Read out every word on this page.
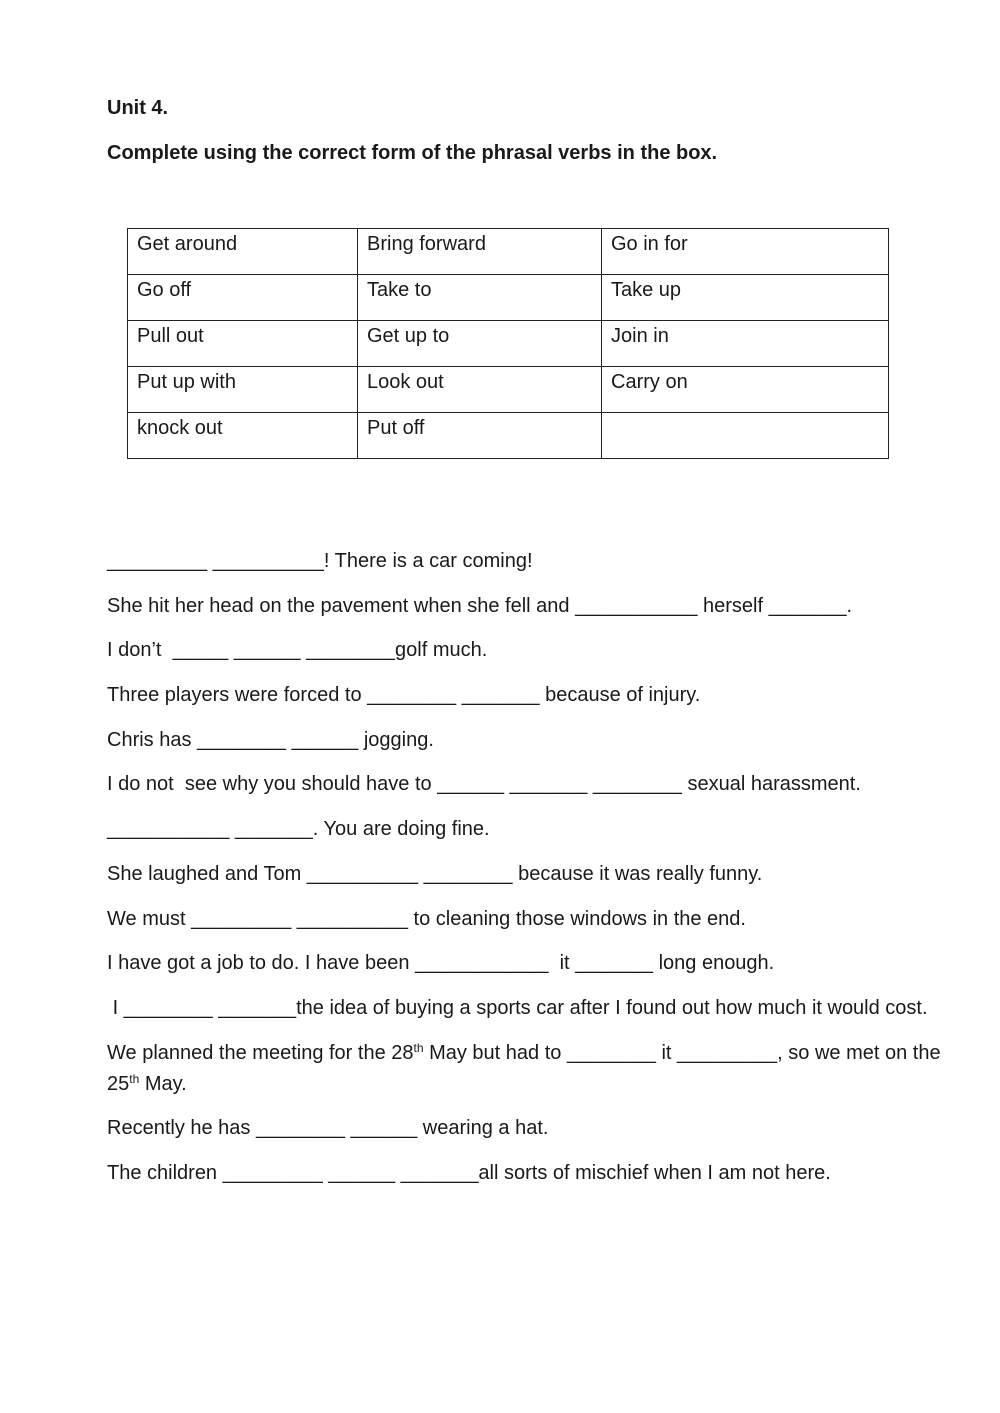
Unit 4.

Complete using the correct form of the phrasal verbs in the box.

Get around	Bring forward	Go in for
Go off	Take to	Take up
Pull out	Get up to	Join in
Put up with	Look out	Carry on
knock out	Put off	
_________ __________! There is a car coming!
She hit her head on the pavement when she fell and ___________ herself _______.
I don’t  _____ ______ ________golf much.
Three players were forced to ________ _______ because of injury.
Chris has ________ ______ jogging.
I do not  see why you should have to ______ _______ ________ sexual harassment.
___________ _______. You are doing fine.
She laughed and Tom __________ ________ because it was really funny.
We must _________ __________ to cleaning those windows in the end.
I have got a job to do. I have been ____________  it _______ long enough.
I ________ _______the idea of buying a sports car after I found out how much it would cost.
We planned the meeting for the 28th May but had to ________ it _________, so we met on the 25th May.
Recently he has ________ ______ wearing a hat.
The children _________ ______ _______all sorts of mischief when I am not here.
